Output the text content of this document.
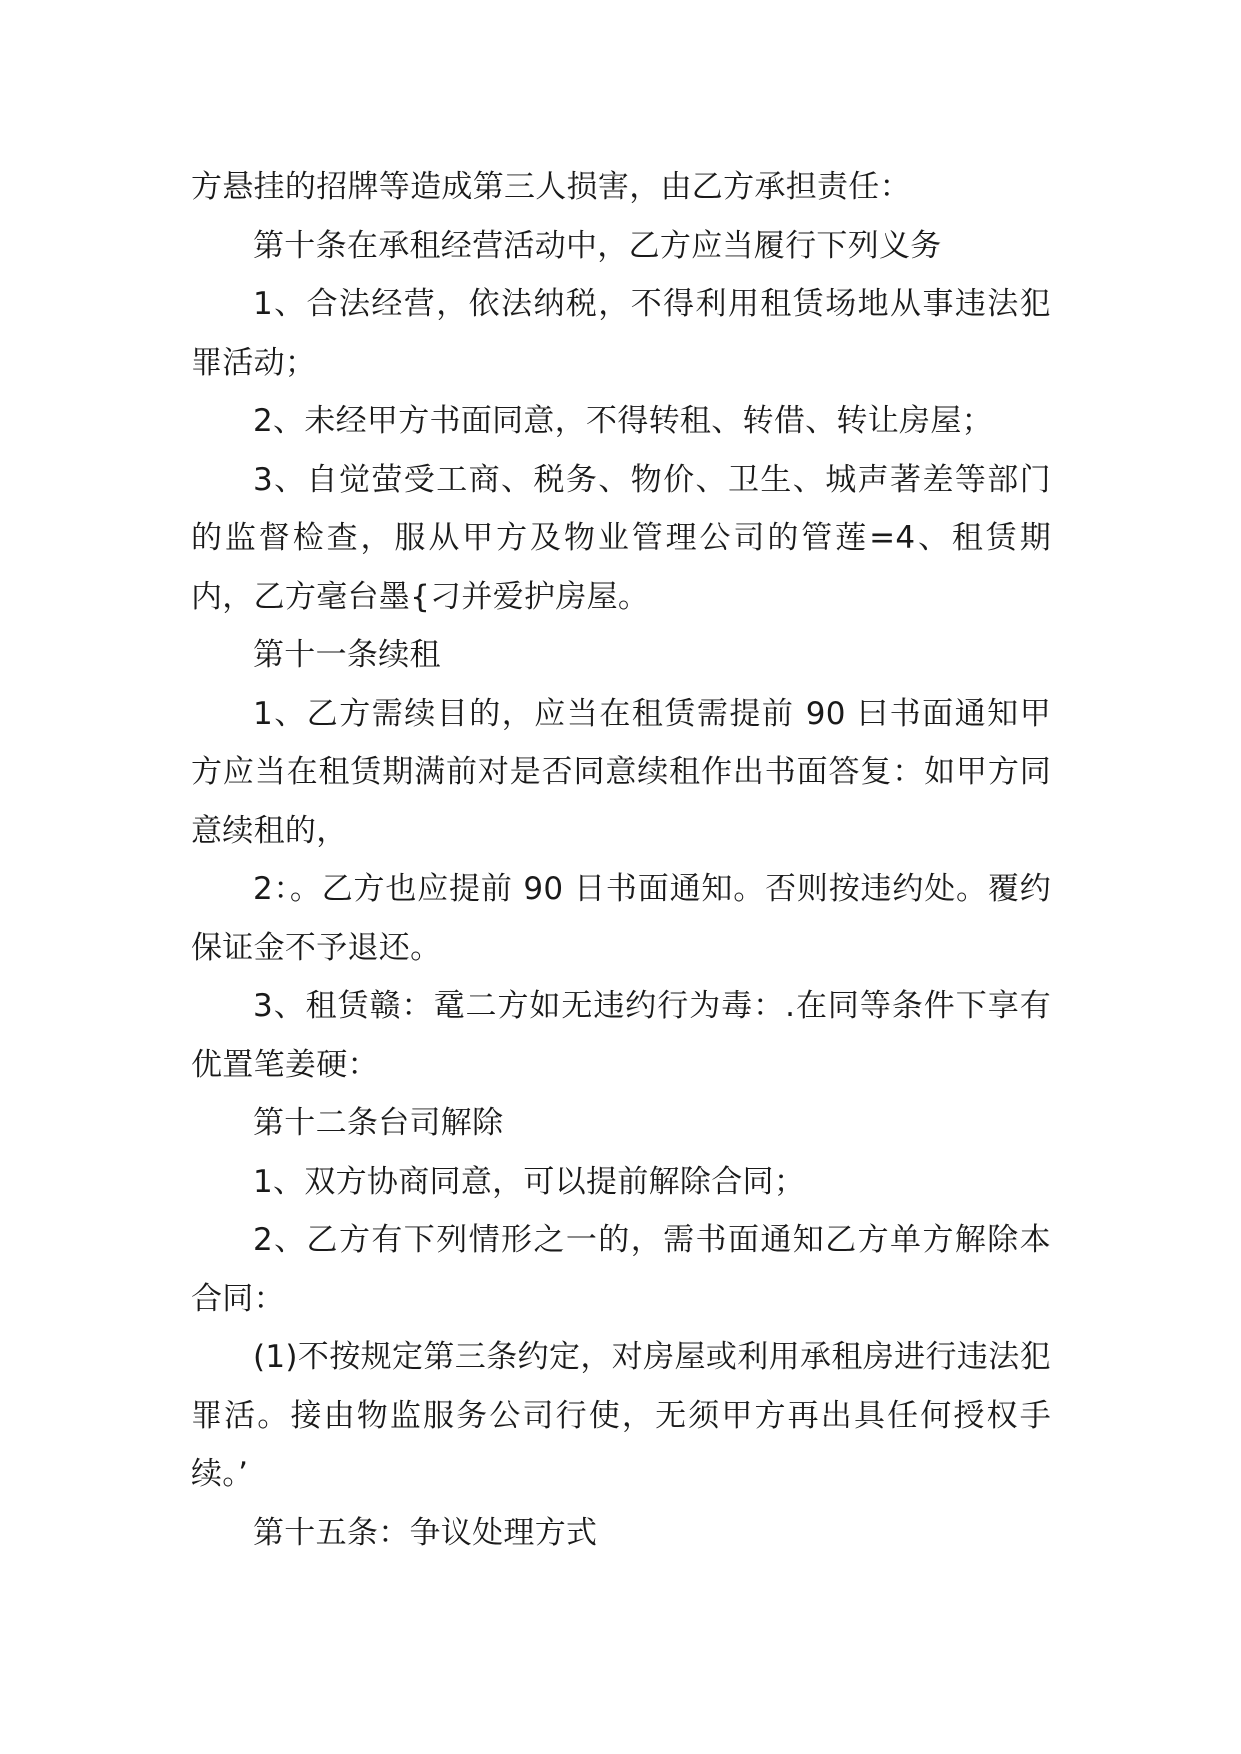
方悬挂的招牌等造成第三人损害，由乙方承担责任：

第十条在承租经营活动中，乙方应当履行下列义务

1、合法经营，依法纳税，不得利用租赁场地从事违法犯罪活动；

2、未经甲方书面同意，不得转租、转借、转让房屋；

3、自觉萤受工商、税务、物价、卫生、城声著差等部门的监督检查，服从甲方及物业管理公司的管莲=4、租赁期内，乙方毫台墨{刁并爱护房屋。

第十一条续租

1、乙方需续目的，应当在租赁需提前 90 曰书面通知甲方应当在租赁期满前对是否同意续租作出书面答复：如甲方同意续租的，

2：。乙方也应提前 90 日书面通知。否则按违约处。覆约保证金不予退还。

3、租赁赣：鼋二方如无违约行为毒：.在同等条件下享有优置笔姜硬：

第十二条台司解除

1、双方协商同意，可以提前解除合同；

2、乙方有下列情形之一的，需书面通知乙方单方解除本合同：

(1)不按规定第三条约定，对房屋或利用承租房进行违法犯罪活。接由物监服务公司行使，无须甲方再出具任何授权手续。’

第十五条：争议处理方式
